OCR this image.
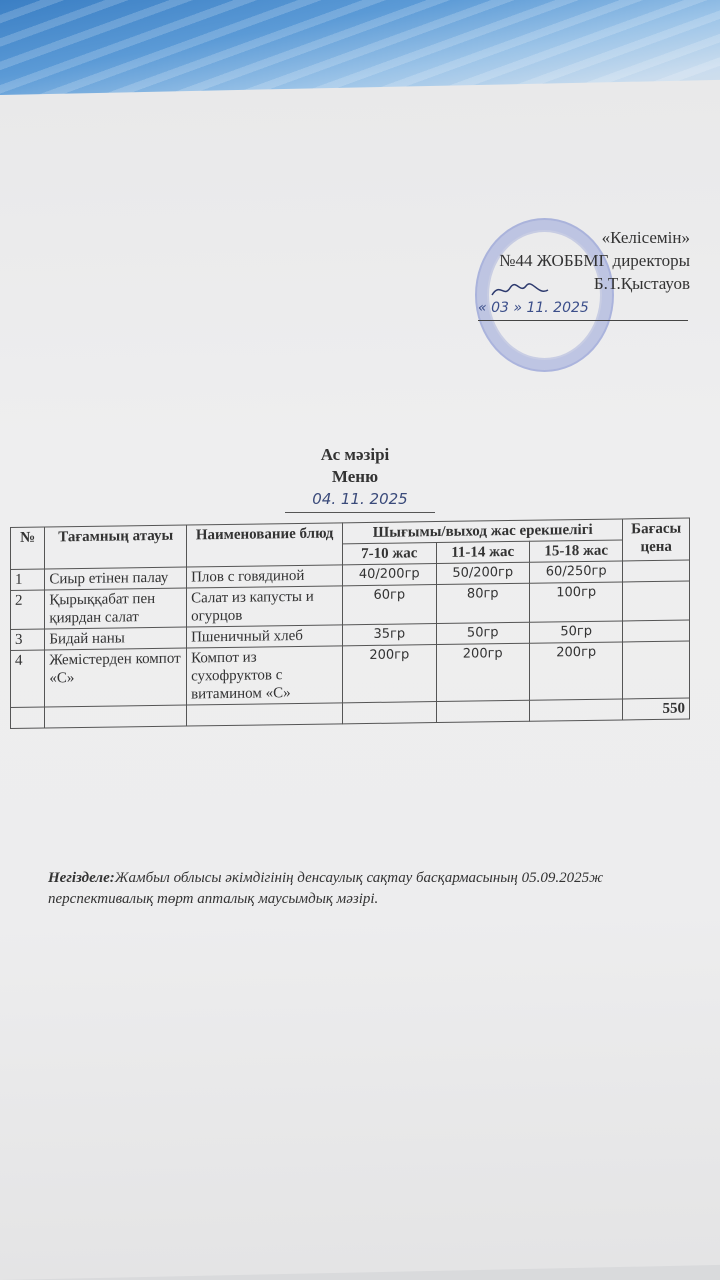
«Келісемін»
№44 ЖОББМГ директоры
Б.Т.Қыстауов
« 03 » 11. 2025
Ас мәзірі
Меню
04. 11. 2025
№	Тағамның атауы	Наименование блюд	Шығымы/выход жас ерекшелігі			Бағасы цена
			7-10 жас	11-14 жас	15-18 жас	
1	Сиыр етінен палау	Плов с говядиной	40/200гр	50/200гр	60/250гр	
2	Қырыққабат пен қиярдан салат	Салат из капусты и огурцов	60гр	80гр	100гр	
3	Бидай наны	Пшеничный хлеб	35гр	50гр	50гр	
4	Жемістерден компот «С»	Компот из сухофруктов с витамином «С»	200гр	200гр	200гр	
						550
Негізделе:Жамбыл облысы әкімдігінің денсаулық сақтау басқармасының 05.09.2025ж перспективалық төрт апталық маусымдық мәзірі.
